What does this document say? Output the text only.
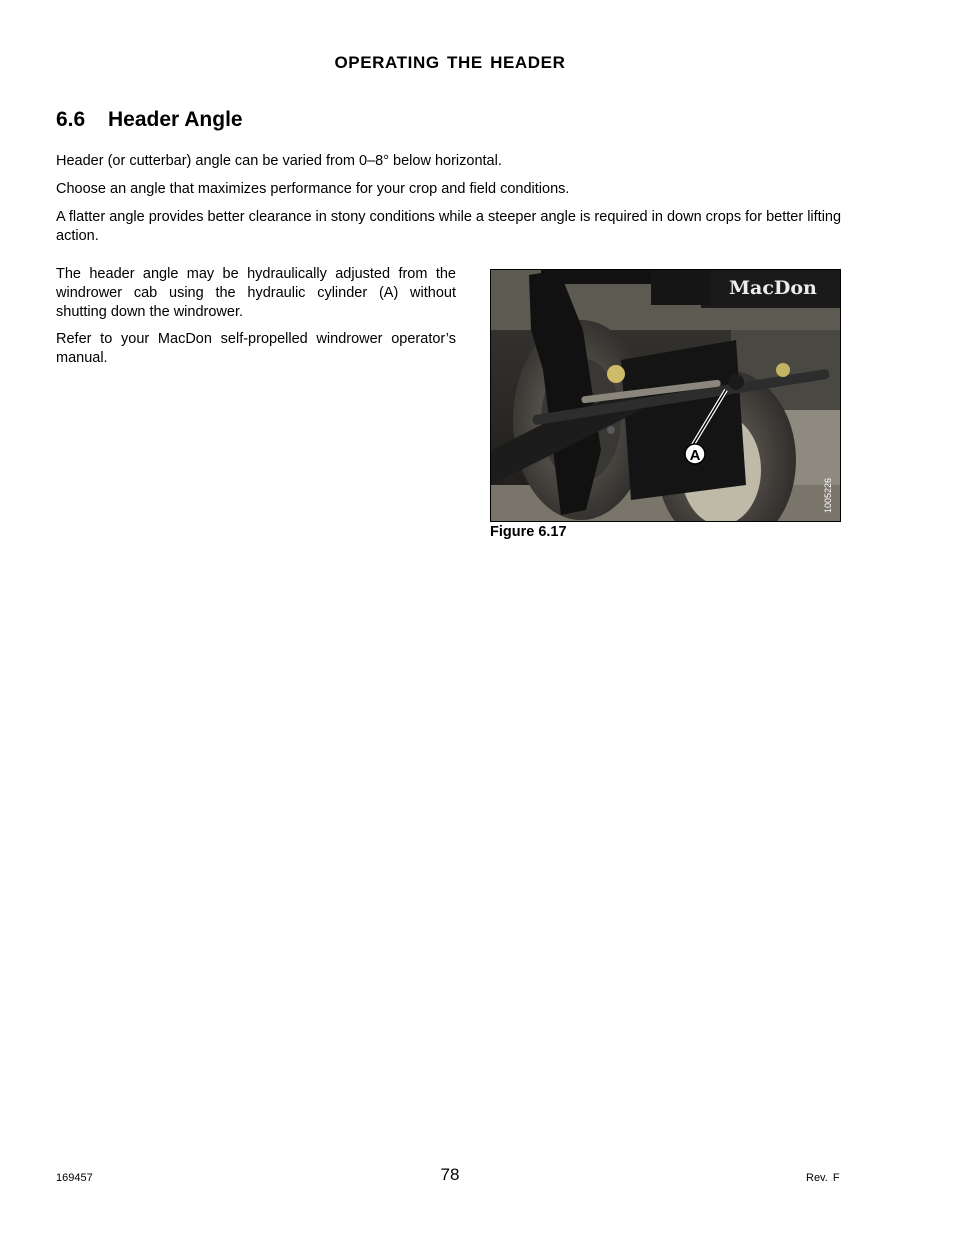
OPERATING THE HEADER
6.6 Header Angle

Header (or cutterbar) angle can be varied from 0–8° below horizontal.

Choose an angle that maximizes performance for your crop and field conditions.

A flatter angle provides better clearance in stony conditions while a steeper angle is required in down crops for better lifting action.

The header angle may be hydraulically adjusted from the windrower cab using the hydraulic cylinder (A) without shutting down the windrower.

Refer to your MacDon self-propelled windrower operator’s manual.

MacDon
A
1005226
Figure 6.17
169457	78	Rev. F
